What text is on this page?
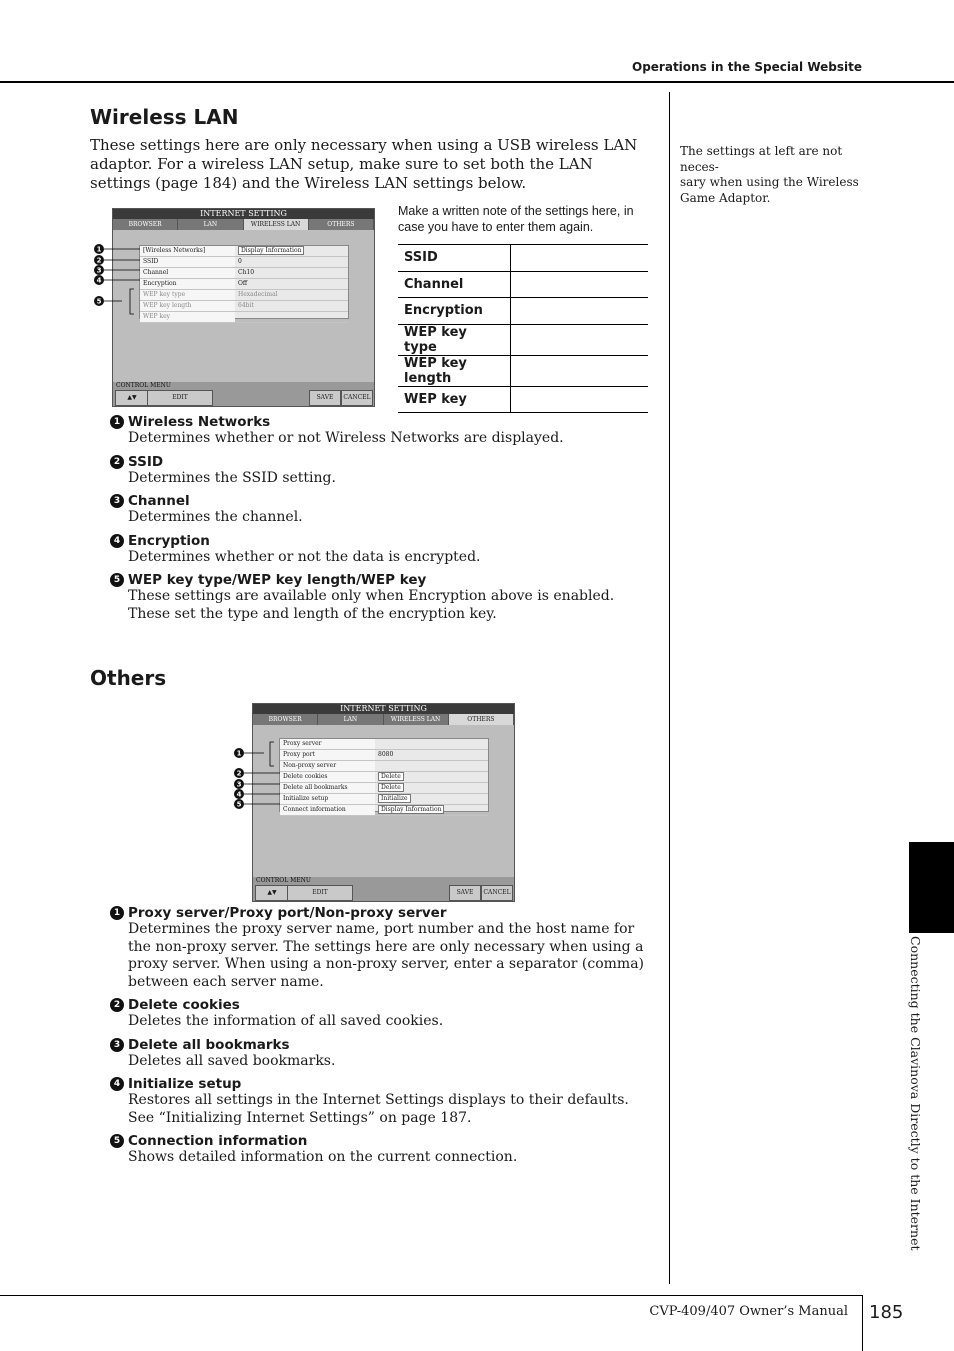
Operations in the Special Website
The settings at left are not neces-
sary when using the Wireless
Game Adaptor.
Wireless LAN
These settings here are only necessary when using a USB wireless LAN adaptor. For a wireless LAN setup, make sure to set both the LAN settings (page 184) and the Wireless LAN settings below.
INTERNET SETTING
BROWSER	LAN	WIRELESS LAN	OTHERS
[Wireless Networks]	Display Information
SSID	0
Channel	Ch10
Encryption	Off
WEP key type	Hexadecimal
WEP key length	64bit
WEP key
CONTROL MENU
▲▼	EDIT	SAVE	CANCEL
1
2
3
4
5
Make a written note of the settings here, in case you have to enter them again.
SSID	
Channel	
Encryption	
WEP key type	
WEP key length	
WEP key	
1 Wireless Networks
Determines whether or not Wireless Networks are displayed.
2 SSID
Determines the SSID setting.
3 Channel
Determines the channel.
4 Encryption
Determines whether or not the data is encrypted.
5 WEP key type/WEP key length/WEP key
These settings are available only when Encryption above is enabled. These set the type and length of the encryption key.
Others
INTERNET SETTING
BROWSER	LAN	WIRELESS LAN	OTHERS
Proxy server
Proxy port	8080
Non-proxy server
Delete cookies	Delete
Delete all bookmarks	Delete
Initialize setup	Initialize
Connect information	Display Information
CONTROL MENU
▲▼	EDIT	SAVE	CANCEL
1
2
3
4
5
1 Proxy server/Proxy port/Non-proxy server
Determines the proxy server name, port number and the host name for the non-proxy server. The settings here are only necessary when using a proxy server. When using a non-proxy server, enter a separator (comma) between each server name.
2 Delete cookies
Deletes the information of all saved cookies.
3 Delete all bookmarks
Deletes all saved bookmarks.
4 Initialize setup
Restores all settings in the Internet Settings displays to their defaults. See “Initializing Internet Settings” on page 187.
5 Connection information
Shows detailed information on the current connection.	Connecting the Clavinova Directly to the Internet
CVP-409/407 Owner’s Manual 185
